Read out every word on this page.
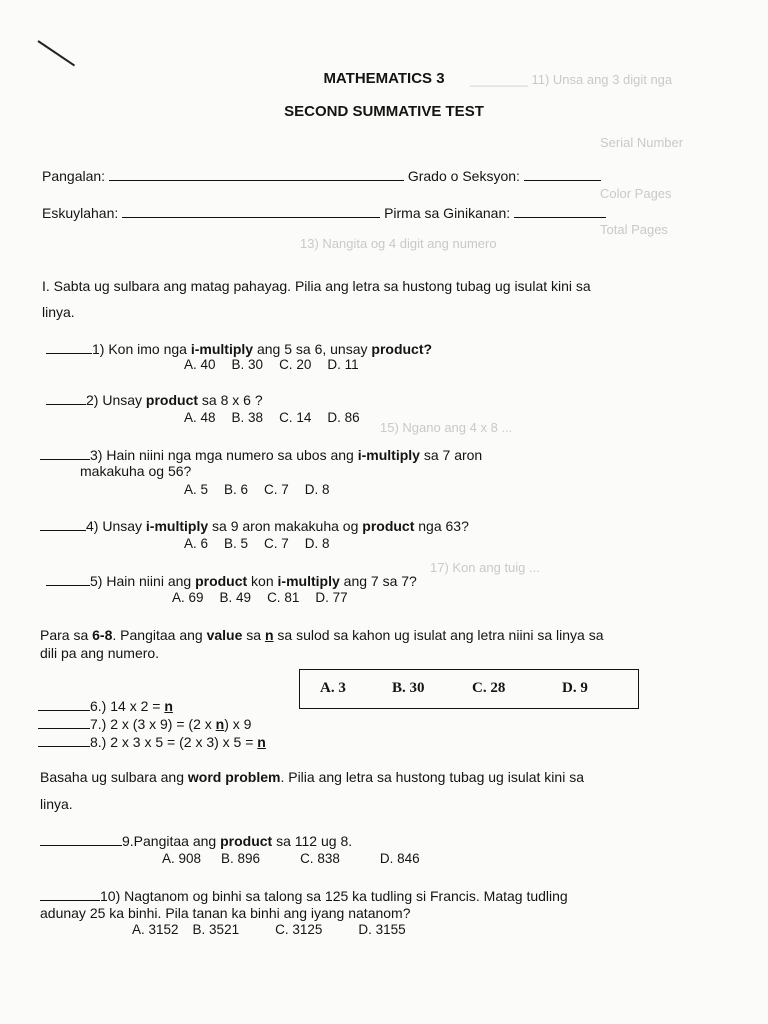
________ 11) Unsa ang 3 digit nga
Serial Number
Color Pages
Total Pages
13) Nangita og 4 digit ang numero
15) Ngano ang 4 x 8 ...
17) Kon ang tuig ...
MATHEMATICS 3
SECOND SUMMATIVE TEST
Pangalan:	Grado o Seksyon:
Eskuylahan:	Pirma sa Ginikanan:
I. Sabta ug sulbara ang matag pahayag. Pilia ang letra sa hustong tubag ug isulat kini sa
linya.
1) Kon imo nga i-multiply ang 5 sa 6, unsay product?
A. 40 B. 30 C. 20 D. 11
2) Unsay product sa 8 x 6 ?
A. 48 B. 38 C. 14 D. 86
3) Hain niini nga mga numero sa ubos ang i-multiply sa 7 aron
makakuha og 56?
A. 5 B. 6 C. 7 D. 8
4) Unsay i-multiply sa 9 aron makakuha og product nga 63?
A. 6 B. 5 C. 7 D. 8
5) Hain niini ang product kon i-multiply ang 7 sa 7?
A. 69 B. 49 C. 81 D. 77
Para sa 6-8. Pangitaa ang value sa n sa sulod sa kahon ug isulat ang letra niini sa linya sa
dili pa ang numero.
A. 3	B. 30	C. 28	D. 9
6.) 14 x 2 = n
7.) 2 x (3 x 9) = (2 x n) x 9
8.) 2 x 3 x 5 = (2 x 3) x 5 = n
Basaha ug sulbara ang word problem. Pilia ang letra sa hustong tubag ug isulat kini sa
linya.
9.Pangitaa ang product sa 112 ug 8.
A. 908 B. 896	C. 838	D. 846
10) Nagtanom og binhi sa talong sa 125 ka tudling si Francis. Matag tudling
adunay 25 ka binhi. Pila tanan ka binhi ang iyang natanom?
A. 3152 B. 3521	C. 3125	D. 3155
